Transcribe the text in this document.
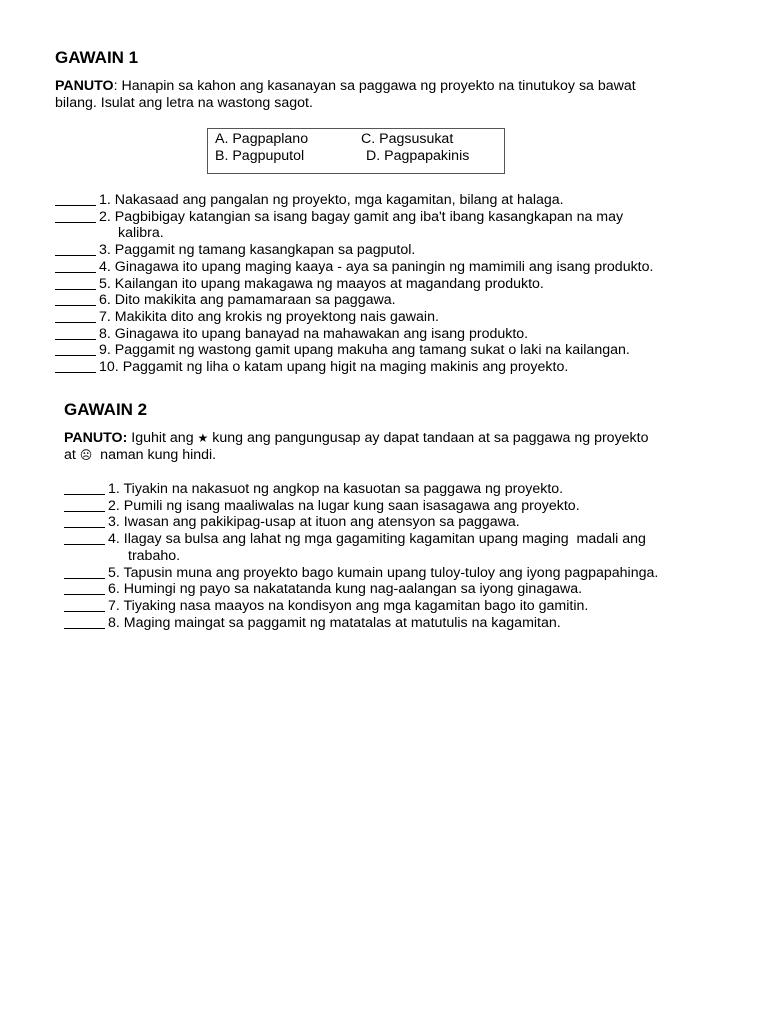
GAWAIN 1

PANUTO: Hanapin sa kahon ang kasanayan sa paggawa ng proyekto na tinutukoy sa bawat
bilang. Isulat ang letra na wastong sagot.

A. Pagpaplano	C. Pagsusukat
B. Pagpuputol	D. Pagpapakinis
1. Nakasaad ang pangalan ng proyekto, mga kagamitan, bilang at halaga.
2. Pagbibigay katangian sa isang bagay gamit ang iba't ibang kasangkapan na may
kalibra.
3. Paggamit ng tamang kasangkapan sa pagputol.
4. Ginagawa ito upang maging kaaya - aya sa paningin ng mamimili ang isang produkto.
5. Kailangan ito upang makagawa ng maayos at magandang produkto.
6. Dito makikita ang pamamaraan sa paggawa.
7. Makikita dito ang krokis ng proyektong nais gawain.
8. Ginagawa ito upang banayad na mahawakan ang isang produkto.
9. Paggamit ng wastong gamit upang makuha ang tamang sukat o laki na kailangan.
10. Paggamit ng liha o katam upang higit na maging makinis ang proyekto.
GAWAIN 2

PANUTO: Iguhit ang ★ kung ang pangungusap ay dapat tandaan at sa paggawa ng proyekto
at ☹  naman kung hindi.

1. Tiyakin na nakasuot ng angkop na kasuotan sa paggawa ng proyekto.
2. Pumili ng isang maaliwalas na lugar kung saan isasagawa ang proyekto.
3. Iwasan ang pakikipag-usap at ituon ang atensyon sa paggawa.
4. Ilagay sa bulsa ang lahat ng mga gagamiting kagamitan upang maging  madali ang
trabaho.
5. Tapusin muna ang proyekto bago kumain upang tuloy-tuloy ang iyong pagpapahinga.
6. Humingi ng payo sa nakatatanda kung nag-aalangan sa iyong ginagawa.
7. Tiyaking nasa maayos na kondisyon ang mga kagamitan bago ito gamitin.
8. Maging maingat sa paggamit ng matatalas at matutulis na kagamitan.
